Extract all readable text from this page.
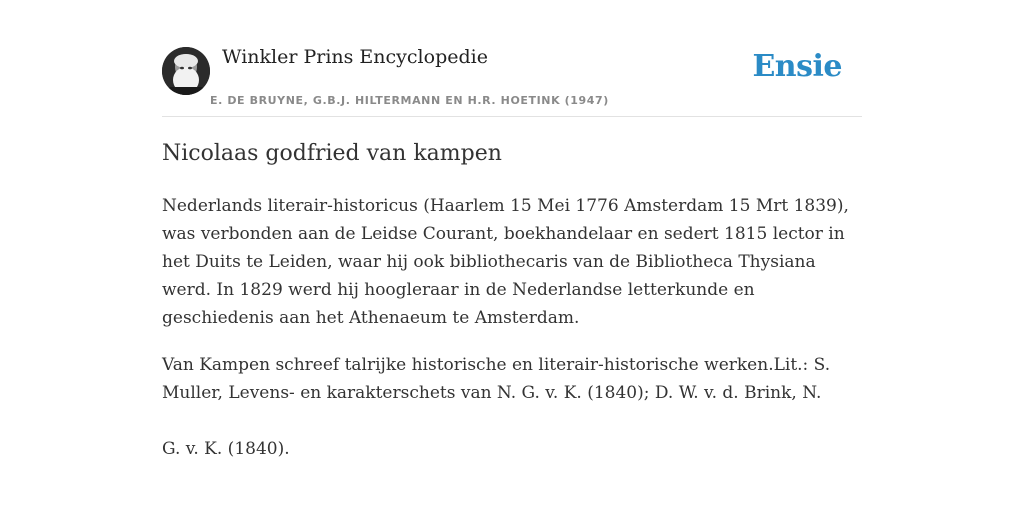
Winkler Prins Encyclopedie
E. DE BRUYNE, G.B.J. HILTERMANN EN H.R. HOETINK (1947)
Ensie
Nicolaas godfried van kampen

Nederlands literair-historicus (Haarlem 15 Mei 1776 Amsterdam 15 Mrt 1839), was verbonden aan de Leidse Courant, boekhandelaar en sedert 1815 lector in het Duits te Leiden, waar hij ook bibliothecaris van de Bibliotheca Thysiana werd. In 1829 werd hij hoogleraar in de Nederlandse letterkunde en geschiedenis aan het Athenaeum te Amsterdam.

Van Kampen schreef talrijke historische en literair-historische werken.Lit.: S. Muller, Levens- en karakterschets van N. G. v. K. (1840); D. W. v. d. Brink, N.

G. v. K. (1840).
